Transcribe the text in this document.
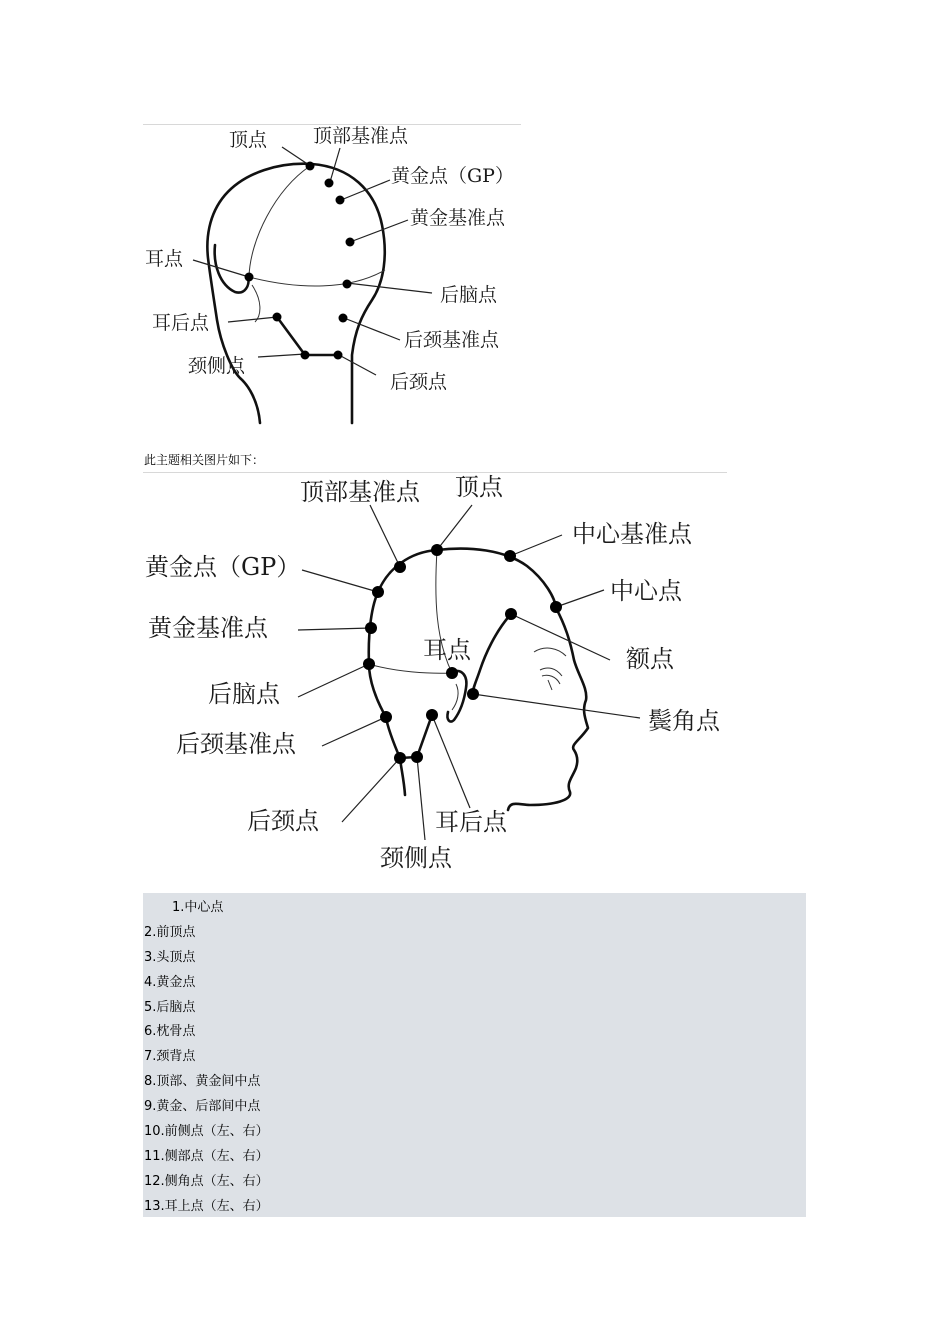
顶点 顶部基准点
黄金点（GP）
黄金基准点
耳点
后脑点
耳后点
后颈基准点
颈侧点
后颈点
此主题相关图片如下：
顶部基准点 顶点
中心基准点
黄金点（GP）
中心点
黄金基准点
耳点	额点
后脑点
鬓角点
后颈基准点
后颈点	耳后点
颈侧点
1.中心点
2.前顶点
3.头顶点
4.黄金点
5.后脑点
6.枕骨点
7.颈背点
8.顶部、黄金间中点
9.黄金、后部间中点
10.前侧点（左、右）
11.侧部点（左、右）
12.侧角点（左、右）
13.耳上点（左、右）
